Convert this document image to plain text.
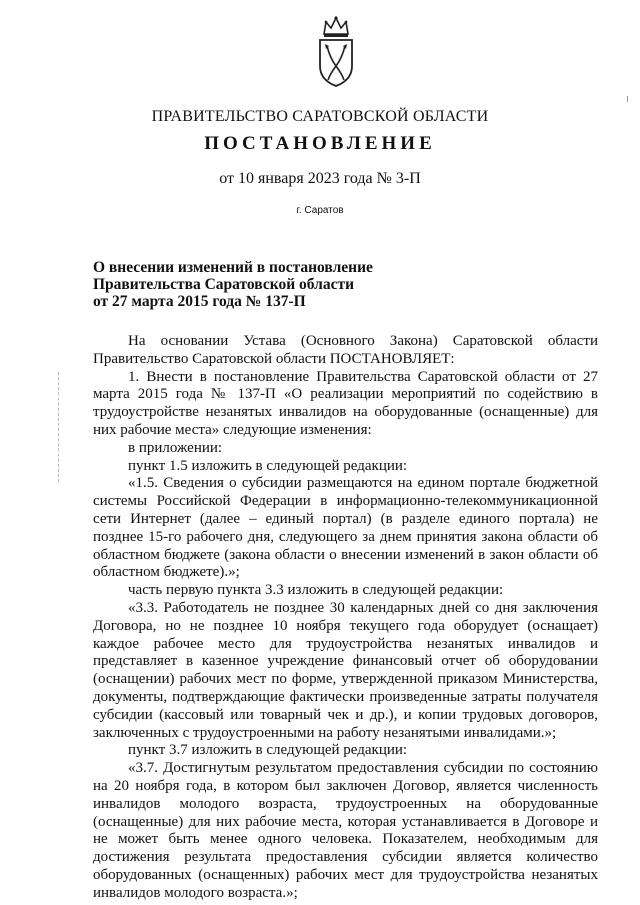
ПРАВИТЕЛЬСТВО САРАТОВСКОЙ ОБЛАСТИ
ПОСТАНОВЛЕНИЕ
от 10 января 2023 года № 3-П
г. Саратов
О внесении изменений в постановление
Правительства Саратовской области
от 27 марта 2015 года № 137-П

На основании Устава (Основного Закона) Саратовской области Правительство Саратовской области ПОСТАНОВЛЯЕТ:

1. Внести в постановление Правительства Саратовской области от 27 марта 2015 года № 137-П «О реализации мероприятий по содействию в трудоустройстве незанятых инвалидов на оборудованные (оснащенные) для них рабочие места» следующие изменения:

в приложении:

пункт 1.5 изложить в следующей редакции:

«1.5. Сведения о субсидии размещаются на едином портале бюджетной системы Российской Федерации в информационно-телекоммуникационной сети Интернет (далее – единый портал) (в разделе единого портала) не позднее 15-го рабочего дня, следующего за днем принятия закона области об областном бюджете (закона области о внесении изменений в закон области об областном бюджете).»;

часть первую пункта 3.3 изложить в следующей редакции:

«3.3. Работодатель не позднее 30 календарных дней со дня заключения Договора, но не позднее 10 ноября текущего года оборудует (оснащает) каждое рабочее место для трудоустройства незанятых инвалидов и представляет в казенное учреждение финансовый отчет об оборудовании (оснащении) рабочих мест по форме, утвержденной приказом Министерства, документы, подтверждающие фактически произведенные затраты получателя субсидии (кассовый или товарный чек и др.), и копии трудовых договоров, заключенных с трудоустроенными на работу незанятыми инвалидами.»;

пункт 3.7 изложить в следующей редакции:

«3.7. Достигнутым результатом предоставления субсидии по состоянию на 20 ноября года, в котором был заключен Договор, является численность инвалидов молодого возраста, трудоустроенных на оборудованные (оснащенные) для них рабочие места, которая устанавливается в Договоре и не может быть менее одного человека. Показателем, необходимым для достижения результата предоставления субсидии является количество оборудованных (оснащенных) рабочих мест для трудоустройства незанятых инвалидов молодого возраста.»;
